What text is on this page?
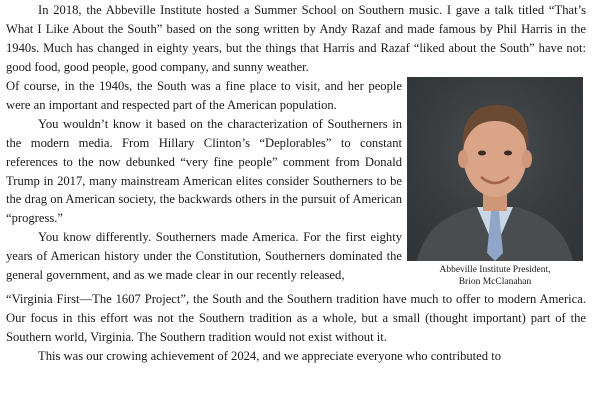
In 2018, the Abbeville Institute hosted a Summer School on Southern music. I gave a talk titled “That’s What I Like About the South” based on the song written by Andy Razaf and made famous by Phil Harris in the 1940s. Much has changed in eighty years, but the things that Harris and Razaf “liked about the South” have not: good food, good people, good company, and sunny weather.

Of course, in the 1940s, the South was a fine place to visit, and her people were an important and respected part of the American population.

You wouldn’t know it based on the characterization of Southerners in the modern media. From Hillary Clinton’s “Deplorables” to constant references to the now debunked “very fine people” comment from Donald Trump in 2017, many mainstream American elites consider Southerners to be the drag on American society, the backwards others in the pursuit of American “progress.”

You know differently. Southerners made America. For the first eighty years of American history under the Constitution, Southerners dominated the general government, and as we made clear in our recently released,	Abbeville Institute President,
Brion McClanahan

“Virginia First—The 1607 Project”, the South and the Southern tradition have much to offer to modern America. Our focus in this effort was not the Southern tradition as a whole, but a small (thought important) part of the Southern world, Virginia. The Southern tradition would not exist without it.

This was our crowing achievement of 2024, and we appreciate everyone who contributed to
